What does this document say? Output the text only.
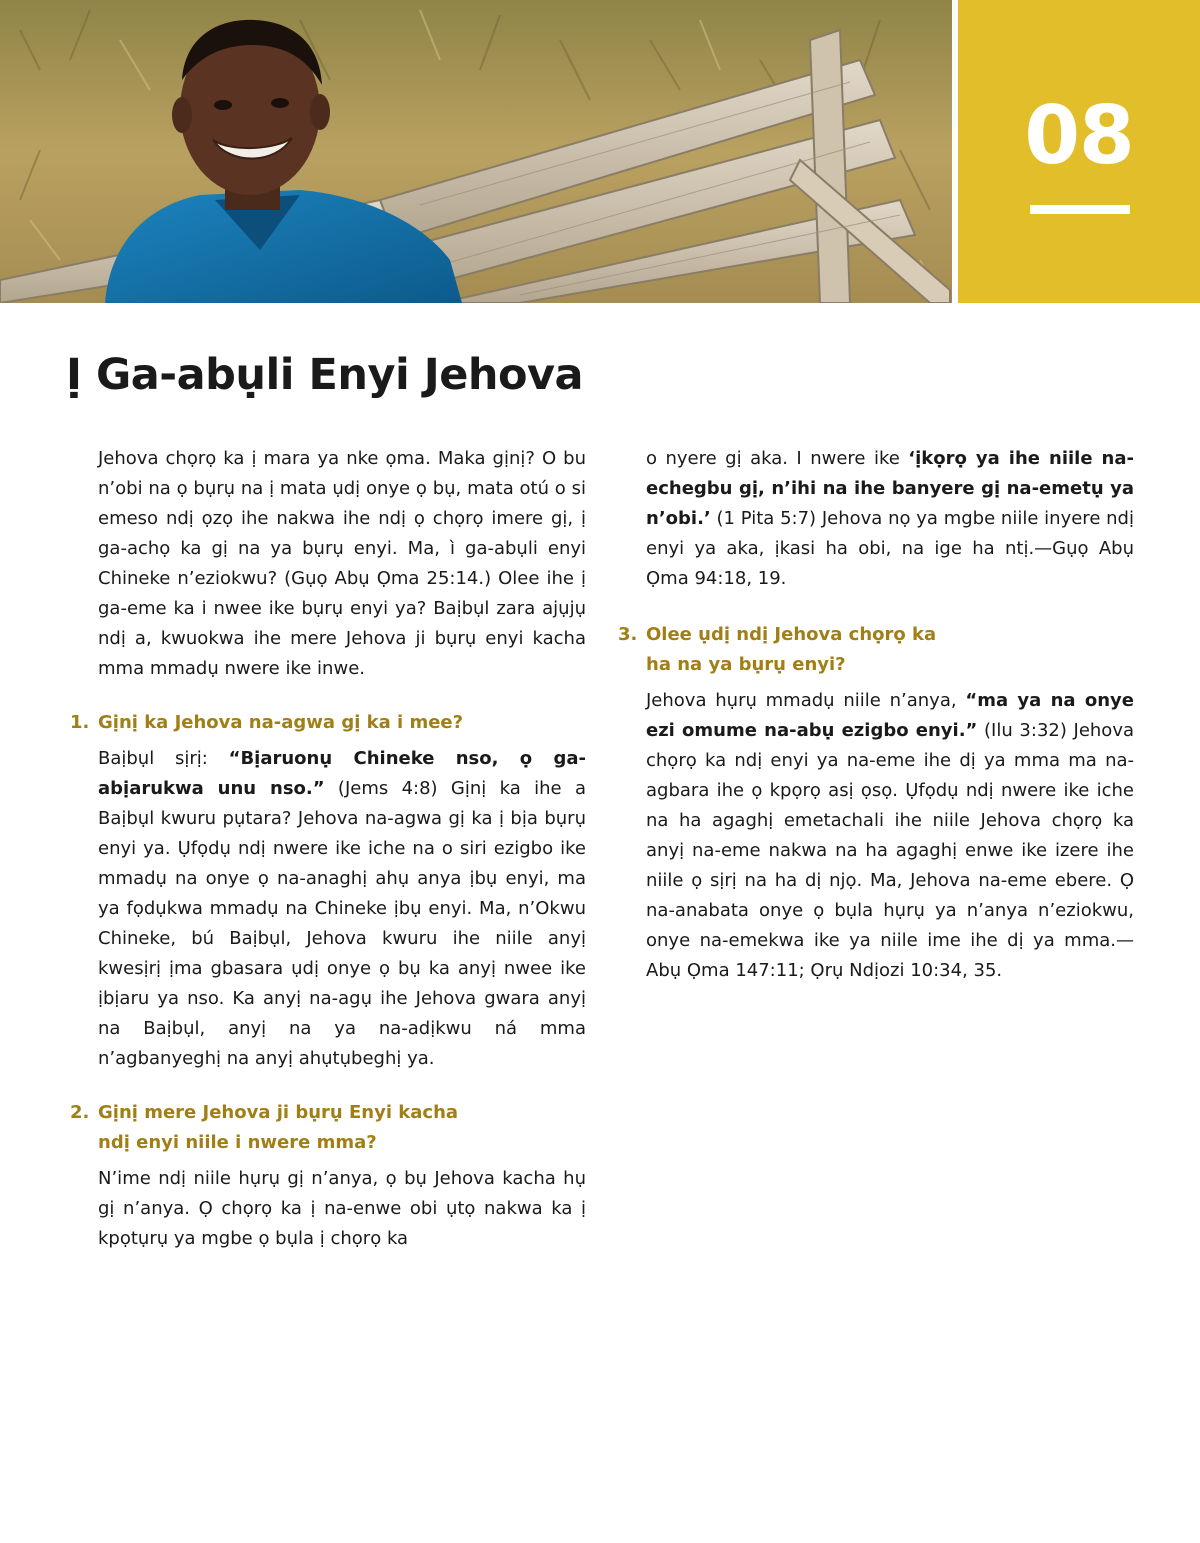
08
Ị Ga-abụli Enyi Jehova

Jehova chọrọ ka ị mara ya nke ọma. Maka gịnị? O bu n’obi na ọ bụrụ na ị mata ụdị onye ọ bụ, mata otú o si emeso ndị ọzọ ihe nakwa ihe ndị ọ chọrọ imere gị, ị ga-achọ ka gị na ya bụrụ enyi. Ma, ì ga-abụli enyi Chineke n’eziokwu? (Gụọ Abụ Ọma 25:14.) Olee ihe ị ga-eme ka i nwee ike bụrụ enyi ya? Baịbụl zara ajụjụ ndị a, kwuokwa ihe mere Jehova ji bụrụ enyi kacha mma mmadụ nwere ike inwe.

1. Gịnị ka Jehova na-agwa gị ka i mee?

Baịbụl sịrị: “Bịaruonụ Chineke nso, ọ ga-abịarukwa unu nso.” (Jems 4:8) Gịnị ka ihe a Baịbụl kwuru pụtara? Jehova na-agwa gị ka ị bịa bụrụ enyi ya. Ụfọdụ ndị nwere ike iche na o siri ezigbo ike mmadụ na onye ọ na-anaghị ahụ anya ịbụ enyi, ma ya fọdụkwa mmadụ na Chineke ịbụ enyi. Ma, n’Okwu Chineke, bú Baịbụl, Jehova kwuru ihe niile anyị kwesịrị ịma gbasara ụdị onye ọ bụ ka anyị nwee ike ịbịaru ya nso. Ka anyị na-agụ ihe Jehova gwara anyị na Baịbụl, anyị na ya na-adịkwu ná mma n’agbanyeghị na anyị ahụtụbeghị ya.

2. Gịnị mere Jehova ji bụrụ Enyi kacha
ndị enyi niile i nwere mma?

N’ime ndị niile hụrụ gị n’anya, ọ bụ Jehova kacha hụ gị n’anya. Ọ chọrọ ka ị na-enwe obi ụtọ nakwa ka ị kpọtụrụ ya mgbe ọ bụla ị chọrọ ka

o nyere gị aka. I nwere ike ‘ịkọrọ ya ihe niile na-echegbu gị, n’ihi na ihe banyere gị na-emetụ ya n’obi.’ (1 Pita 5:7) Jehova nọ ya mgbe niile inyere ndị enyi ya aka, ịkasi ha obi, na ige ha ntị.—Gụọ Abụ Ọma 94:18, 19.

3. Olee ụdị ndị Jehova chọrọ ka
ha na ya bụrụ enyi?

Jehova hụrụ mmadụ niile n’anya, “ma ya na onye ezi omume na-abụ ezigbo enyi.” (Ilu 3:32) Jehova chọrọ ka ndị enyi ya na-eme ihe dị ya mma ma na-agbara ihe ọ kpọrọ asị ọsọ. Ụfọdụ ndị nwere ike iche na ha agaghị emetachali ihe niile Jehova chọrọ ka anyị na-eme nakwa na ha agaghị enwe ike izere ihe niile ọ sịrị na ha dị njọ. Ma, Jehova na-eme ebere. Ọ na-anabata onye ọ bụla hụrụ ya n’anya n’eziokwu, onye na-emekwa ike ya niile ime ihe dị ya mma.—Abụ Ọma 147:11; Ọrụ Ndịozi 10:34, 35.
